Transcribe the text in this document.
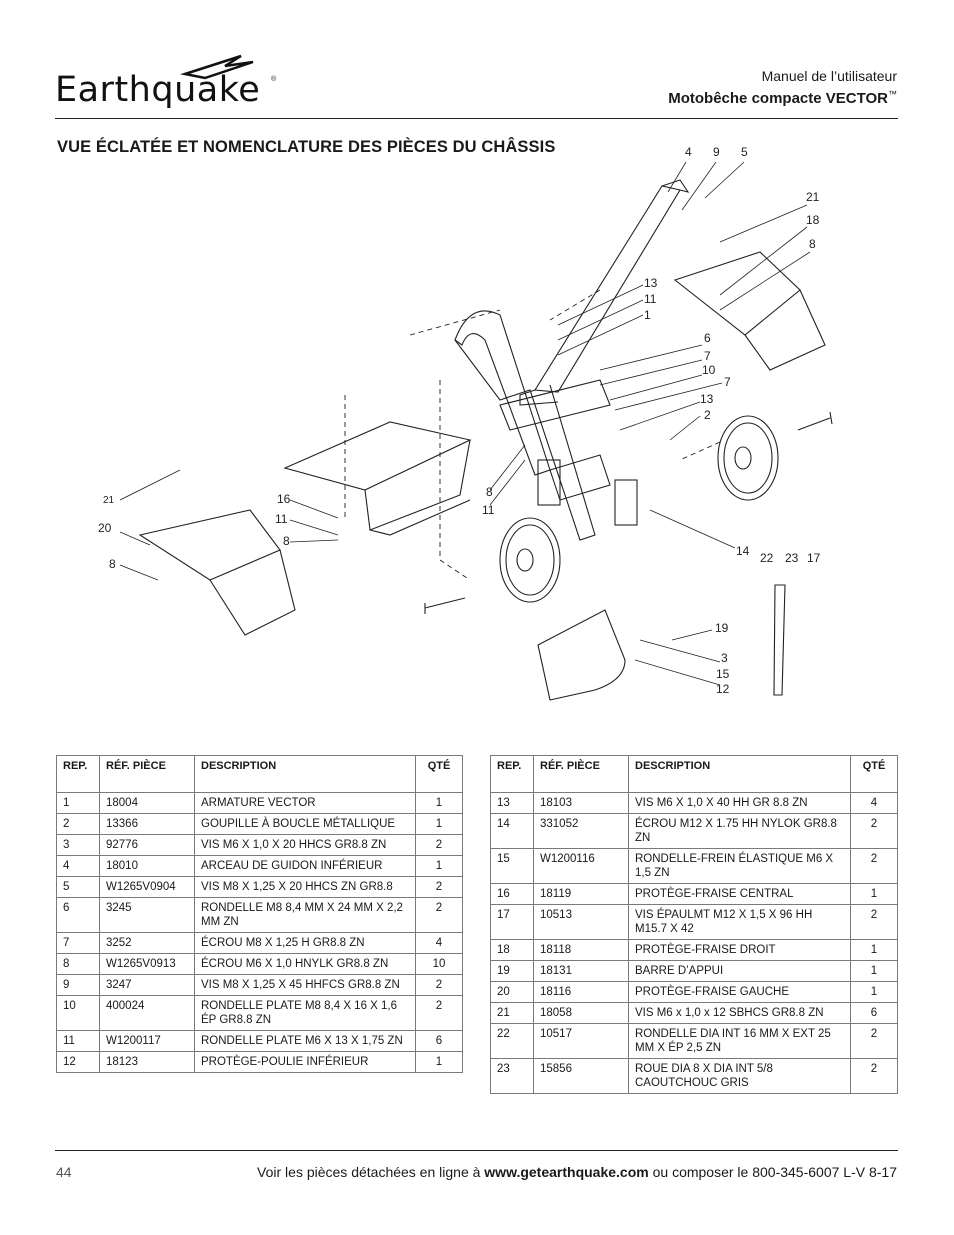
Earthquake ®	Manuel de l’utilisateur
Motobêche compacte VECTOR™
VUE ÉCLATÉE ET NOMENCLATURE DES PIÈCES DU CHÂSSIS	4 9 5
21
18
8
13
11
1
6
7
10
7
13
2
8
11
16
11
8
21
20
8
14 22 23 17
19
3
15
12
REP.	RÉF. PIÈCE	DESCRIPTION	QTÉ
1	18004	ARMATURE VECTOR	1
2	13366	GOUPILLE À BOUCLE MÉTALLIQUE	1
3	92776	VIS M6 X 1,0 X 20 HHCS GR8.8 ZN	2
4	18010	ARCEAU DE GUIDON INFÉRIEUR	1
5	W1265V0904	VIS M8 X 1,25 X 20 HHCS ZN GR8.8	2
6	3245	RONDELLE M8 8,4 MM X 24 MM X 2,2 MM ZN	2
7	3252	ÉCROU M8 X 1,25 H GR8.8 ZN	4
8	W1265V0913	ÉCROU M6 X 1,0 HNYLK GR8.8 ZN	10
9	3247	VIS M8 X 1,25 X 45 HHFCS GR8.8 ZN	2
10	400024	RONDELLE PLATE M8 8,4 X 16 X 1,6 ÉP GR8.8 ZN	2
11	W1200117	RONDELLE PLATE M6 X 13 X 1,75 ZN	6
12	18123	PROTÈGE-POULIE INFÉRIEUR	1
REP.	RÉF. PIÈCE	DESCRIPTION	QTÉ
13	18103	VIS M6 X 1,0 X 40 HH GR 8.8 ZN	4
14	331052	ÉCROU M12 X 1.75 HH NYLOK GR8.8 ZN	2
15	W1200116	RONDELLE-FREIN ÉLASTIQUE M6 X 1,5 ZN	2
16	18119	PROTÈGE-FRAISE CENTRAL	1
17	10513	VIS ÉPAULMT M12 X 1,5 X 96 HH M15.7 X 42	2
18	18118	PROTÈGE-FRAISE DROIT	1
19	18131	BARRE D’APPUI	1
20	18116	PROTÈGE-FRAISE GAUCHE	1
21	18058	VIS M6 x 1,0 x 12 SBHCS GR8.8 ZN	6
22	10517	RONDELLE DIA INT 16 MM X EXT 25 MM X ÉP 2,5 ZN	2
23	15856	ROUE DIA 8 X DIA INT 5/8 CAOUTCHOUC GRIS	2
44	Voir les pièces détachées en ligne à www.getearthquake.com ou composer le 800-345-6007 L-V 8-17
